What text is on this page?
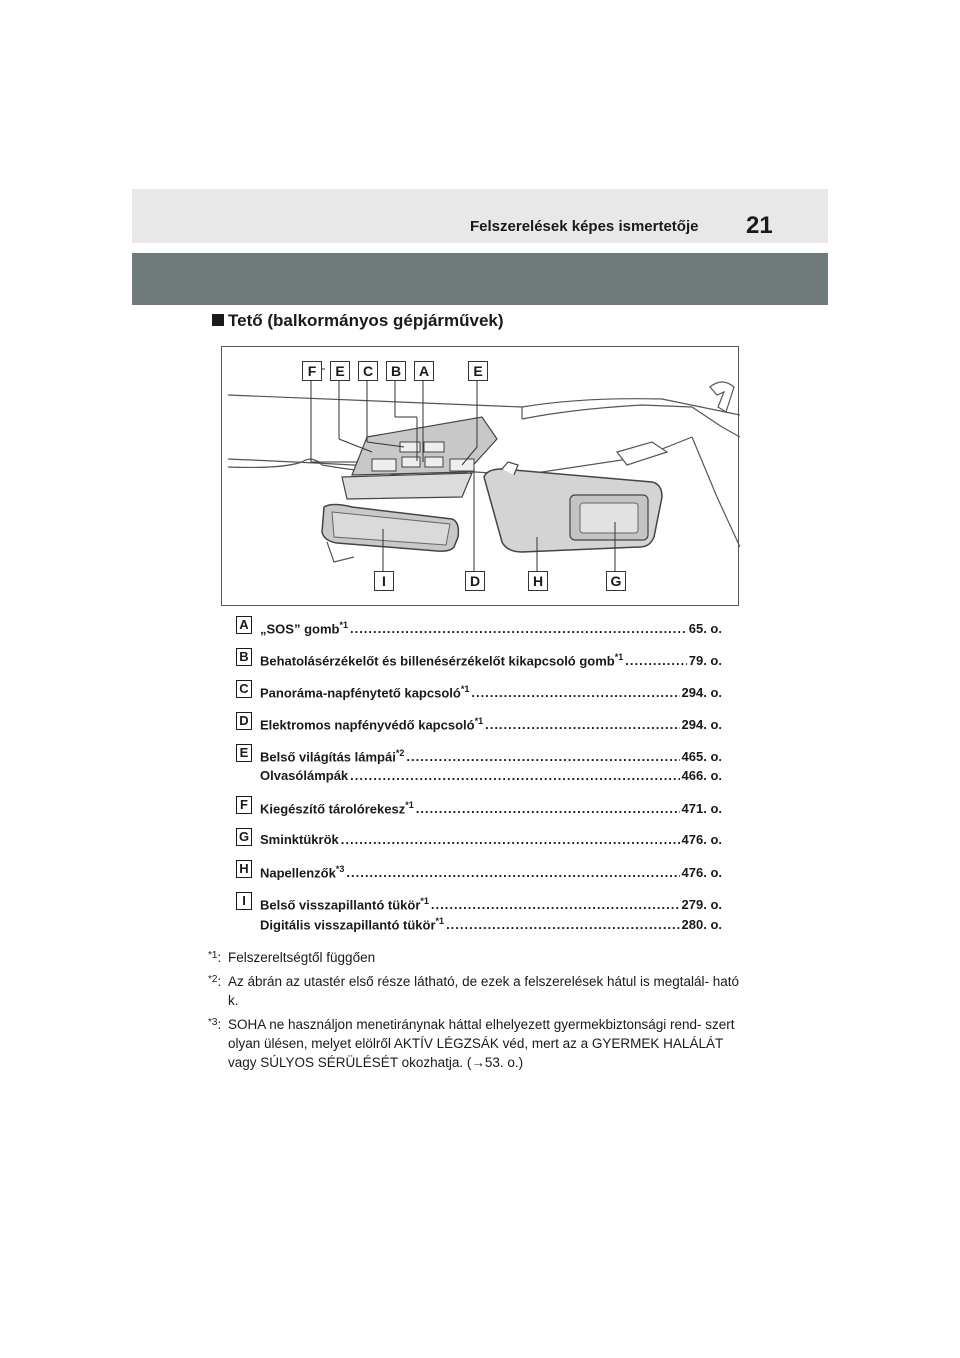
Felszerelések képes ismertetője 21
Tető (balkormányos gépjárművek)
F	E	C	B	A	E
I	D	H	G
A „SOS” gomb$^{*1}$ .....	65. o.
B Behatolásérzékelőt és billenésérzékelőt kikapcsoló gomb$^{*1}$ .....	79. o.
C Panoráma-napfénytető kapcsoló$^{*1}$ .....	294. o.
D Elektromos napfényvédő kapcsoló$^{*1}$ .....	294. o.
E Belső világítás lámpái$^{*2}$ .....	465. o.
Olvasólámpák .....	466. o.
F Kiegészítő tárolórekesz$^{*1}$ .....	471. o.
G Sminktükrök .....	476. o.
H Napellenzők$^{*3}$ .....	476. o.
I	Belső visszapillantó tükör$^{*1}$ .....	279. o.
Digitális visszapillantó tükör$^{*1}$ .....	280. o.
*1: Felszereltségtől függően
*2: Az ábrán az utastér első része látható, de ezek a felszerelések hátul is megtalál- ható k.
*3: SOHA ne használjon menetiránynak háttal elhelyezett gyermekbiztonsági rend- szert olyan ülésen, melyet elölről AKTÍV LÉGZSÁK véd, mert az a GYERMEK HALÁLÁT vagy SÚLYOS SÉRÜLÉSÉT okozhatja. (→53. o.)
